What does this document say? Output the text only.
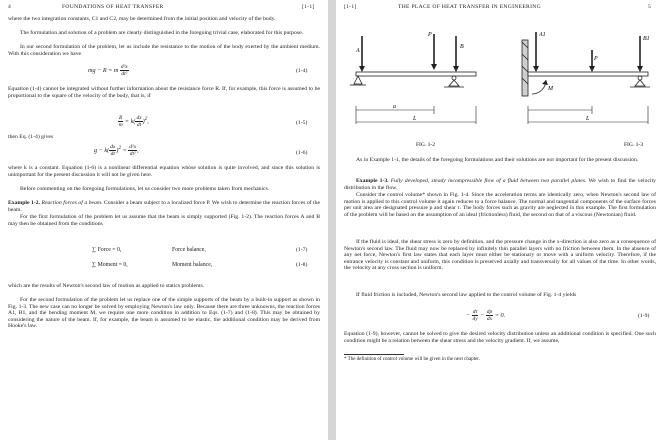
4	FOUNDATIONS OF HEAT TRANSFER	[1-1]

where the two integration constants, C1 and C2, may be determined from the initial position and velocity of the body.

The formulation and solution of a problem are clearly distinguished in the foregoing trivial case, elaborated for this purpose.

In our second formulation of the problem, let us include the resistance to the motion of the body exerted by the ambient medium. With this consideration we have

mg − R = m $\frac{\text{d²x}}{\text{dt²}}$	(1-4)

Equation (1-4) cannot be integrated without further information about the resistance force R. If, for example, this force is assumed to be proportional to the square of the velocity of the body, that is, if

$\frac{R}{m} = k( \frac{dx}{dt} )^2$,	(1-5)

then Eq. (1-4) gives

$g - k( \frac{dx}{dt} )^2 = \frac{\text{d²x}}{\text{dt²}}$ ,	(1-6)

where k is a constant. Equation (1-6) is a nonlinear differential equation whose solution is quite involved, and since this solution is unimportant for the present discussion it will not be given here.

Before commenting on the foregoing formulations, let us consider two more problems taken from mechanics.

Example 1-2. Reaction forces of a beam. Consider a beam subject to a localized force P. We wish to determine the reaction forces of the beam.

For the first formulation of the problem let us assume that the beam is simply supported (Fig. 1-2). The reaction forces A and B may then be obtained from the conditions

∑ Force = 0,	Force balance,	(1-7)
∑ Moment = 0,	Moment balance,	(1-8)

which are the results of Newton's second law of motion as applied to statics problems.

For the second formulation of the problem let us replace one of the simple supports of the beam by a built-in support as shown in Fig. 1-3. The new case can no longer be solved by employing Newton's law only. Because there are three unknowns, the reaction forces A1, B1, and the bending moment M, we require one more condition in addition to Eqs. (1-7) and (1-8). This may be obtained by considering the nature of the beam. If, for example, the beam is assumed to be elastic, the additional condition may be derived from Hooke's law.

[1-1]	THE PLACE OF HEAT TRANSFER IN ENGINEERING	5
A
P
B
a
L
FIG. 1-2
A1
P
M
B1
L
FIG. 1-3

As in Example 1-1, the details of the foregoing formulations and their solutions are not important for the present discussion.

Example 1-3. Fully developed, steady incompressible flow of a fluid between two parallel plates. We wish to find the velocity distribution in the flow.

Consider the control volume* shown in Fig. 1-4. Since the acceleration terms are identically zero, when Newton's second law of motion is applied to this control volume it again reduces to a force balance. The normal and tangential components of the surface forces per unit area are designated pressure p and shear τ. The body forces such as gravity are neglected in this example. The first formulation of the problem will be based on the assumption of an ideal (frictionless) fluid, the second on that of a viscous (Newtonian) fluid.

If the fluid is ideal, the shear stress is zero by definition, and the pressure change in the x-direction is also zero as a consequence of Newton's second law. The fluid may now be replaced by infinitely thin parallel layers with no friction between them. In the absence of any net force, Newton's first law states that each layer must either be stationary or move with a uniform velocity. Therefore, if the entrance velocity is constant and uniform, this condition is preserved axially and transversally for all values of the time. In other words, the velocity at any cross section is uniform.

If fluid friction is included, Newton's second law applied to the control volume of Fig. 1-4 yields

− $\frac{d\tau}{dy} - \frac{dp}{dx} = 0$.	(1-9)

Equation (1-9), however, cannot be solved to give the desired velocity distribution unless an additional condition is specified. One such condition might be a relation between the shear stress and the velocity gradient. If, we assume,

* The definition of control volume will be given in the next chapter.
